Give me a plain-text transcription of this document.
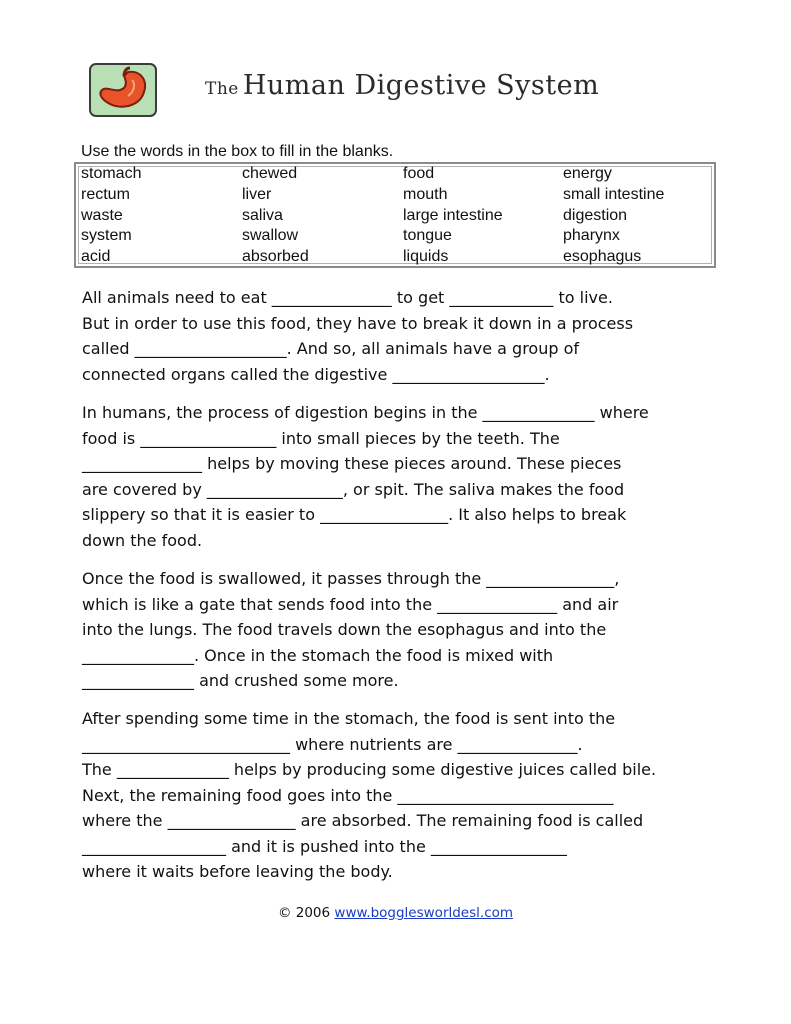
The Human Digestive System
Use the words in the box to fill in the blanks.
stomach	chewed	food	energy
rectum	liver	mouth	small intestine
waste	saliva	large intestine	digestion
system	swallow	tongue	pharynx
acid	absorbed	liquids	esophagus
All animals need to eat _______________ to get _____________ to live.
But in order to use this food, they have to break it down in a process
called ___________________. And so, all animals have a group of
connected organs called the digestive ___________________.
In humans, the process of digestion begins in the ______________ where
food is _________________ into small pieces by the teeth. The
_______________ helps by moving these pieces around. These pieces
are covered by _________________, or spit. The saliva makes the food
slippery so that it is easier to ________________. It also helps to break
down the food.
Once the food is swallowed, it passes through the ________________,
which is like a gate that sends food into the _______________ and air
into the lungs. The food travels down the esophagus and into the
______________. Once in the stomach the food is mixed with
______________ and crushed some more.
After spending some time in the stomach, the food is sent into the
__________________________ where nutrients are _______________.
The ______________ helps by producing some digestive juices called bile.
Next, the remaining food goes into the ___________________________
where the ________________ are absorbed. The remaining food is called
__________________ and it is pushed into the _________________
where it waits before leaving the body.
© 2006 www.bogglesworldesl.com
